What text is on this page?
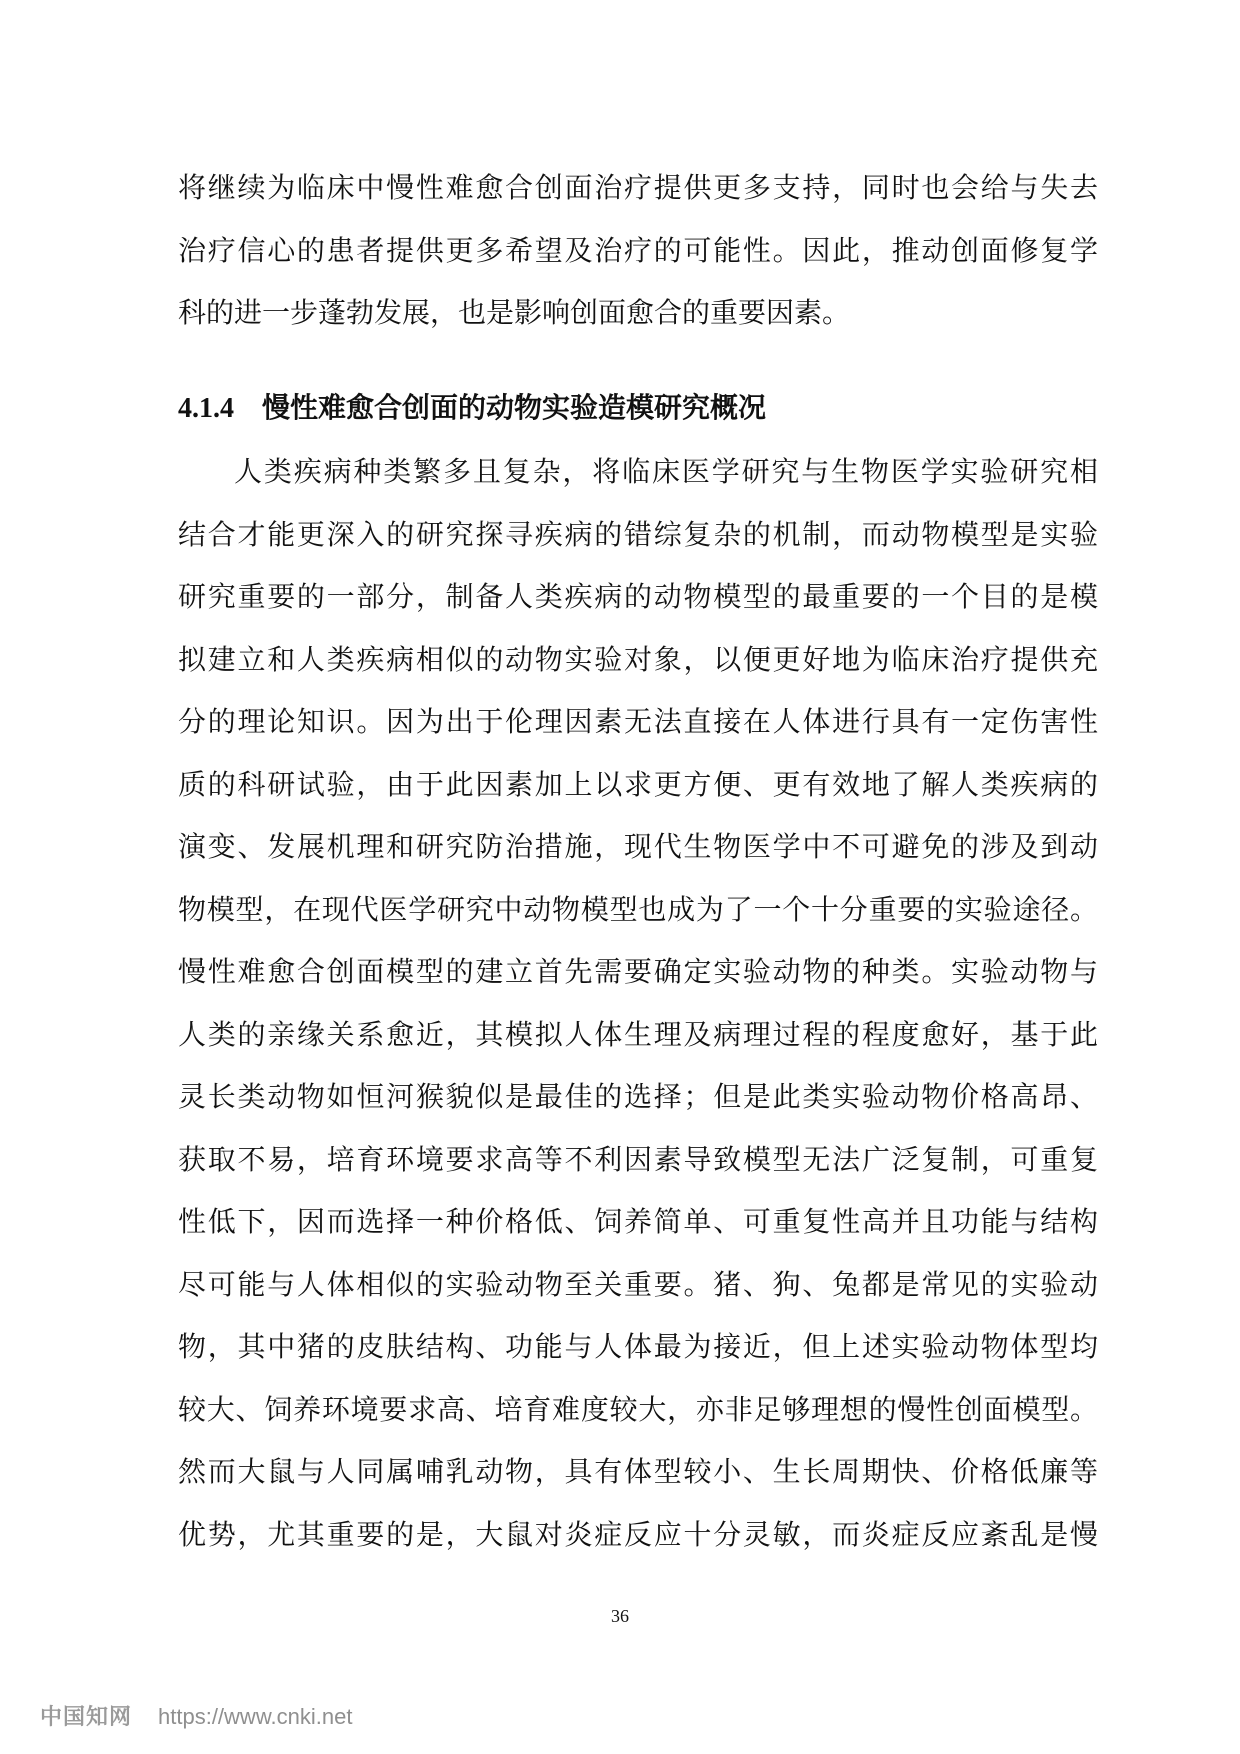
将继续为临床中慢性难愈合创面治疗提供更多支持，同时也会给与失去
治疗信心的患者提供更多希望及治疗的可能性。因此，推动创面修复学
科的进一步蓬勃发展，也是影响创面愈合的重要因素。
4.1.4 慢性难愈合创面的动物实验造模研究概况
人类疾病种类繁多且复杂，将临床医学研究与生物医学实验研究相
结合才能更深入的研究探寻疾病的错综复杂的机制，而动物模型是实验
研究重要的一部分，制备人类疾病的动物模型的最重要的一个目的是模
拟建立和人类疾病相似的动物实验对象，以便更好地为临床治疗提供充
分的理论知识。因为出于伦理因素无法直接在人体进行具有一定伤害性
质的科研试验，由于此因素加上以求更方便、更有效地了解人类疾病的
演变、发展机理和研究防治措施，现代生物医学中不可避免的涉及到动
物模型，在现代医学研究中动物模型也成为了一个十分重要的实验途径。
慢性难愈合创面模型的建立首先需要确定实验动物的种类。实验动物与
人类的亲缘关系愈近，其模拟人体生理及病理过程的程度愈好，基于此
灵长类动物如恒河猴貌似是最佳的选择；但是此类实验动物价格高昂、
获取不易，培育环境要求高等不利因素导致模型无法广泛复制，可重复
性低下，因而选择一种价格低、饲养简单、可重复性高并且功能与结构
尽可能与人体相似的实验动物至关重要。猪、狗、兔都是常见的实验动
物，其中猪的皮肤结构、功能与人体最为接近，但上述实验动物体型均
较大、饲养环境要求高、培育难度较大，亦非足够理想的慢性创面模型。
然而大鼠与人同属哺乳动物，具有体型较小、生长周期快、价格低廉等
优势，尤其重要的是，大鼠对炎症反应十分灵敏，而炎症反应紊乱是慢
36
中国知网 https://www.cnki.net
